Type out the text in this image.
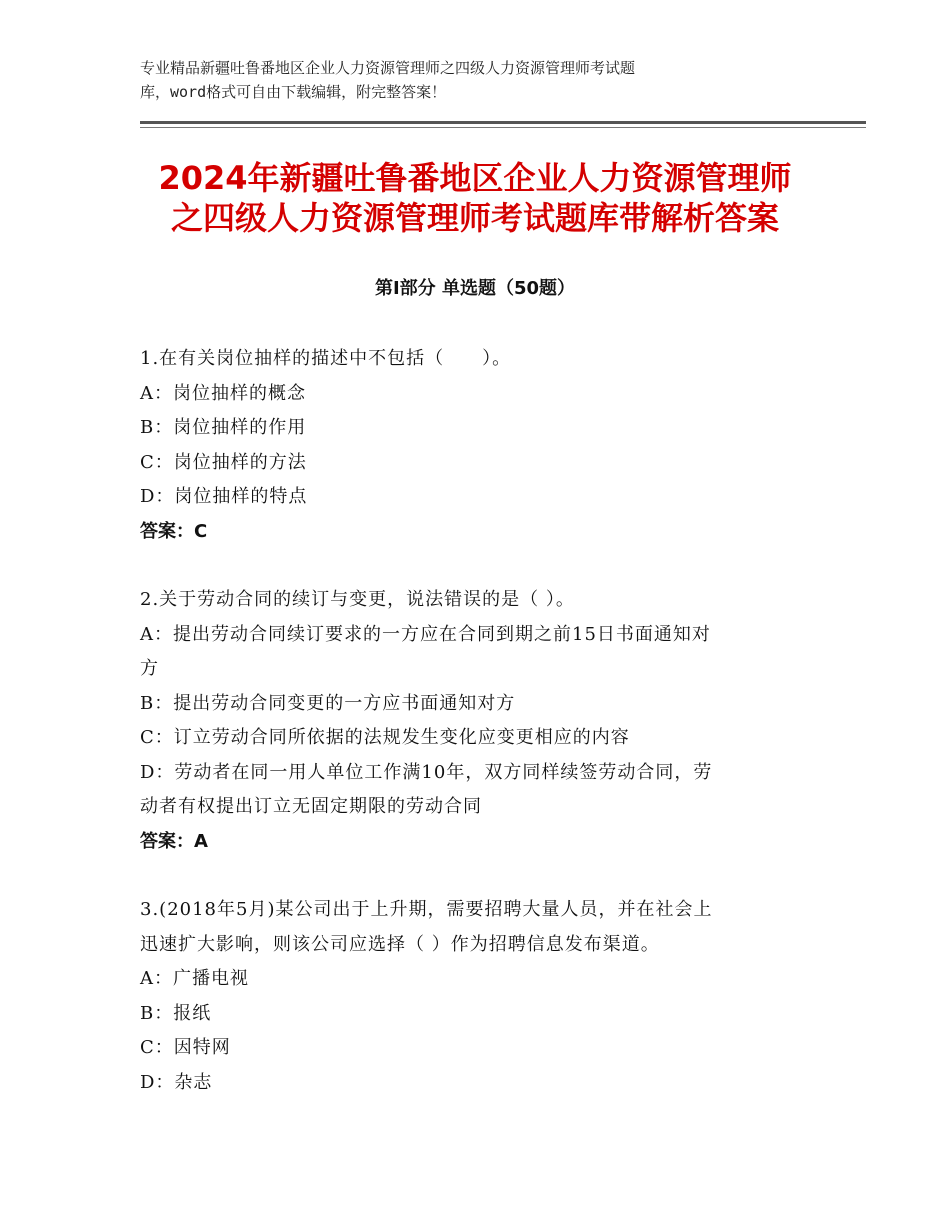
专业精品新疆吐鲁番地区企业人力资源管理师之四级人力资源管理师考试题
库，word格式可自由下载编辑，附完整答案！
2024年新疆吐鲁番地区企业人力资源管理师
之四级人力资源管理师考试题库带解析答案
第Ⅰ部分 单选题（50题）
1.在有关岗位抽样的描述中不包括（　　）。
A：岗位抽样的概念
B：岗位抽样的作用
C：岗位抽样的方法
D：岗位抽样的特点
答案：C
2.关于劳动合同的续订与变更，说法错误的是（ ）。
A：提出劳动合同续订要求的一方应在合同到期之前15日书面通知对
方
B：提出劳动合同变更的一方应书面通知对方
C：订立劳动合同所依据的法规发生变化应变更相应的内容
D：劳动者在同一用人单位工作满10年，双方同样续签劳动合同，劳
动者有权提出订立无固定期限的劳动合同
答案：A
3.(2018年5月)某公司出于上升期，需要招聘大量人员，并在社会上
迅速扩大影响，则该公司应选择（ ）作为招聘信息发布渠道。
A：广播电视
B：报纸
C：因特网
D：杂志
